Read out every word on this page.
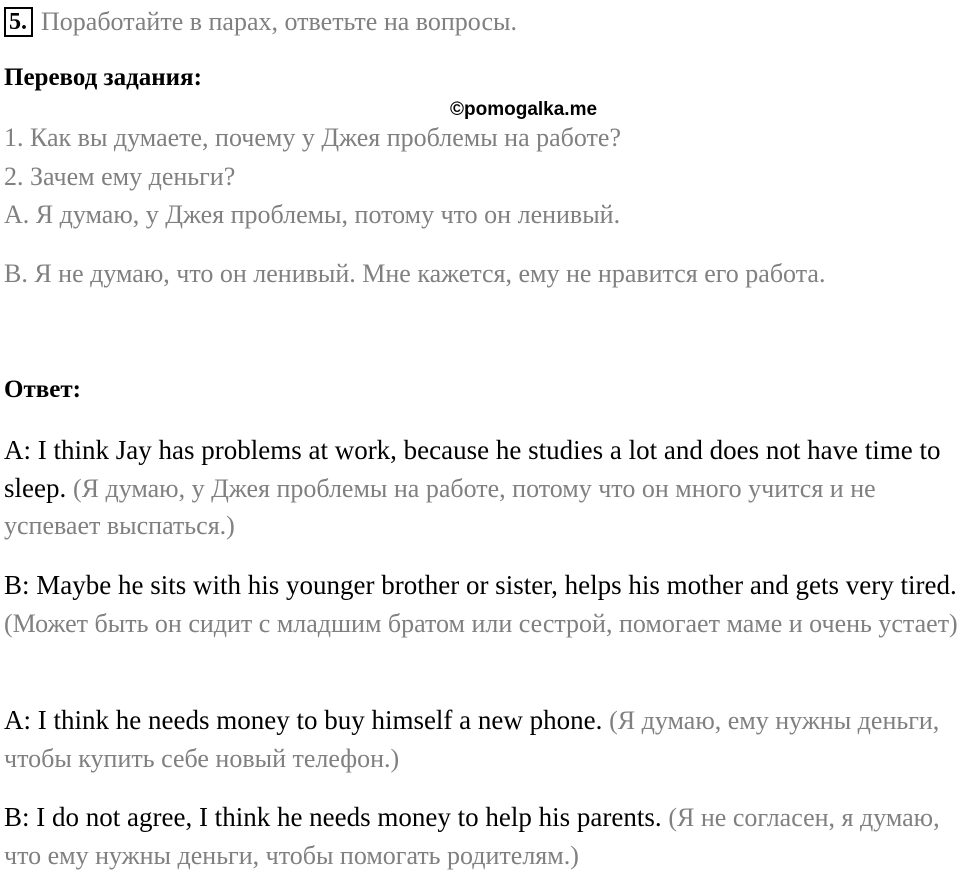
5. Поработайте в парах, ответьте на вопросы.
Перевод задания:
©pomogalka.me
1. Как вы думаете, почему у Джея проблемы на работе?
2. Зачем ему деньги?
A. Я думаю, у Джея проблемы, потому что он ленивый.
B. Я не думаю, что он ленивый. Мне кажется, ему не нравится его работа.
Ответ:
A: I think Jay has problems at work, because he studies a lot and does not have time to sleep. (Я думаю, у Джея проблемы на работе, потому что он много учится и не успевает выспаться.)
B: Maybe he sits with his younger brother or sister, helps his mother and gets very tired. (Может быть он сидит с младшим братом или сестрой, помогает маме и очень устает)
A: I think he needs money to buy himself a new phone. (Я думаю, ему нужны деньги, чтобы купить себе новый телефон.)
B: I do not agree, I think he needs money to help his parents. (Я не согласен, я думаю, что ему нужны деньги, чтобы помогать родителям.)
